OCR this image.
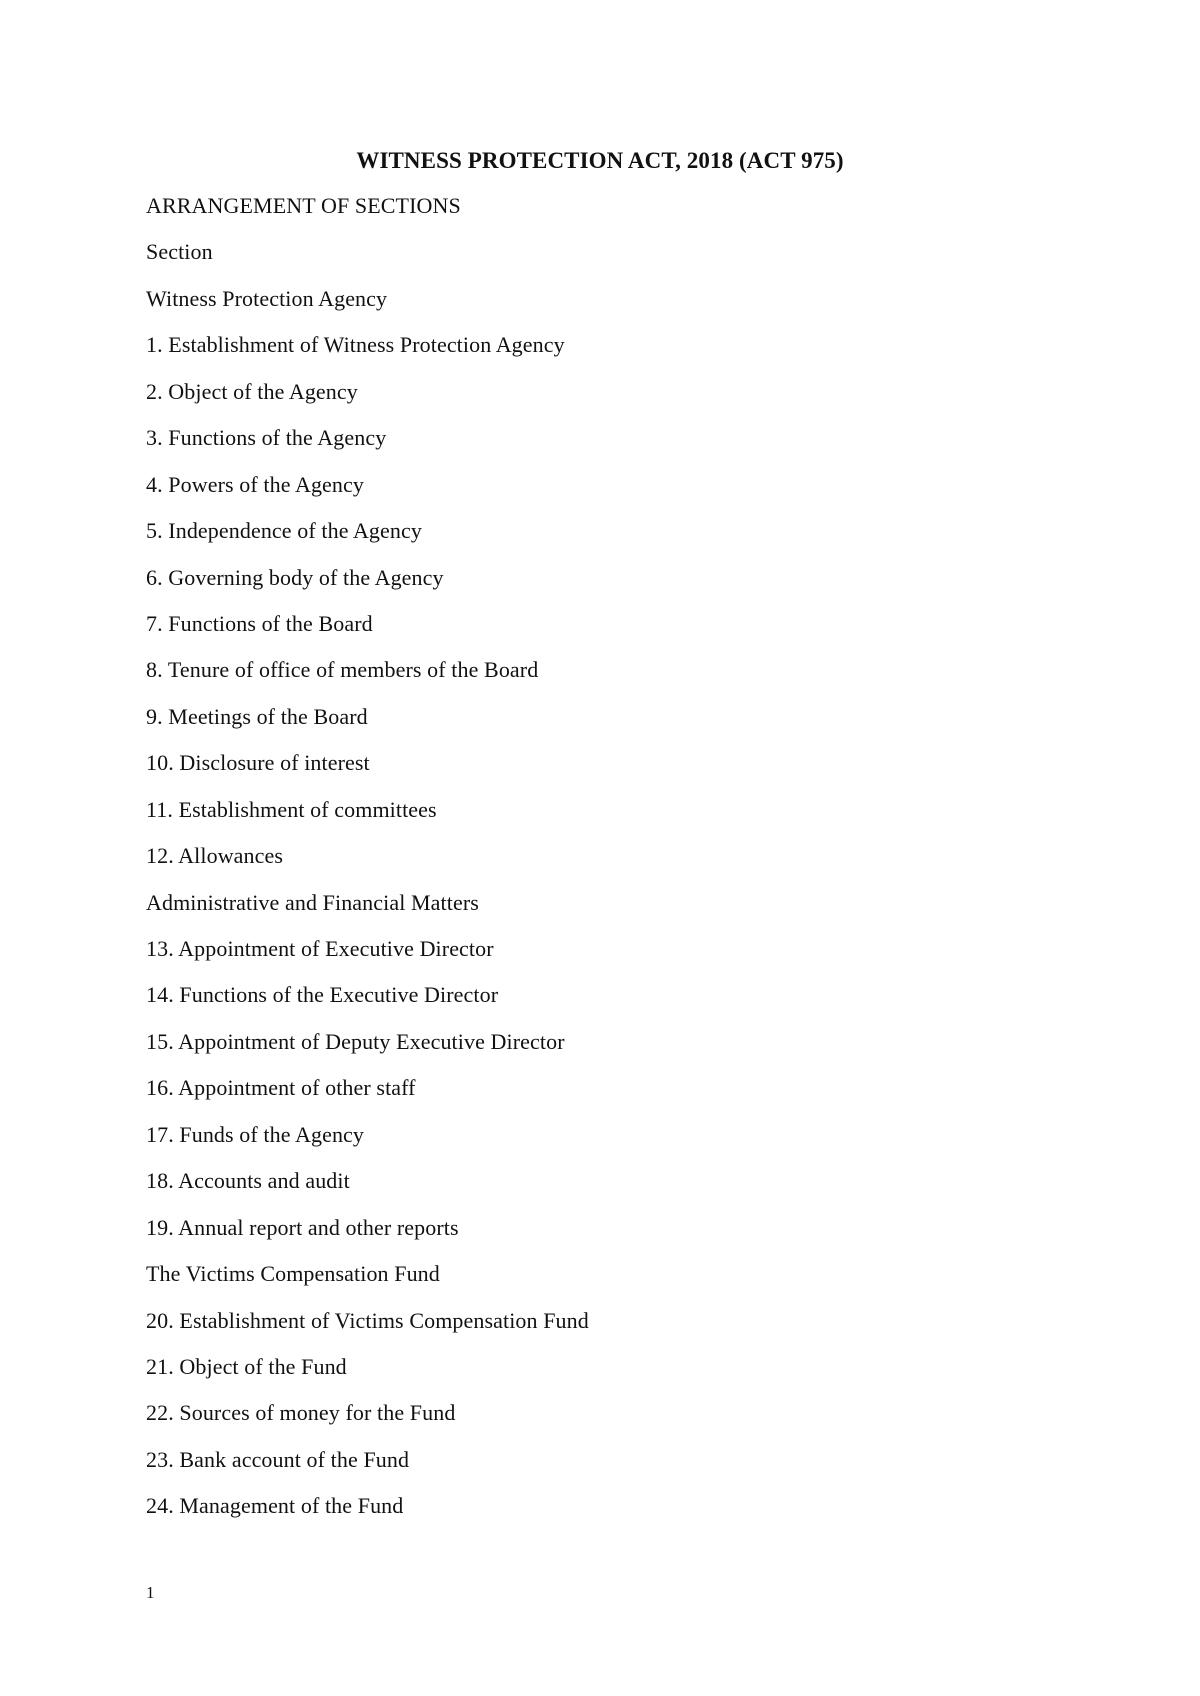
WITNESS PROTECTION ACT, 2018 (ACT 975)
ARRANGEMENT OF SECTIONS
Section
Witness Protection Agency
1. Establishment of Witness Protection Agency
2. Object of the Agency
3. Functions of the Agency
4. Powers of the Agency
5. Independence of the Agency
6. Governing body of the Agency
7. Functions of the Board
8. Tenure of office of members of the Board
9. Meetings of the Board
10. Disclosure of interest
11. Establishment of committees
12. Allowances
Administrative and Financial Matters
13. Appointment of Executive Director
14. Functions of the Executive Director
15. Appointment of Deputy Executive Director
16. Appointment of other staff
17. Funds of the Agency
18. Accounts and audit
19. Annual report and other reports
The Victims Compensation Fund
20. Establishment of Victims Compensation Fund
21. Object of the Fund
22. Sources of money for the Fund
23. Bank account of the Fund
24. Management of the Fund
1
